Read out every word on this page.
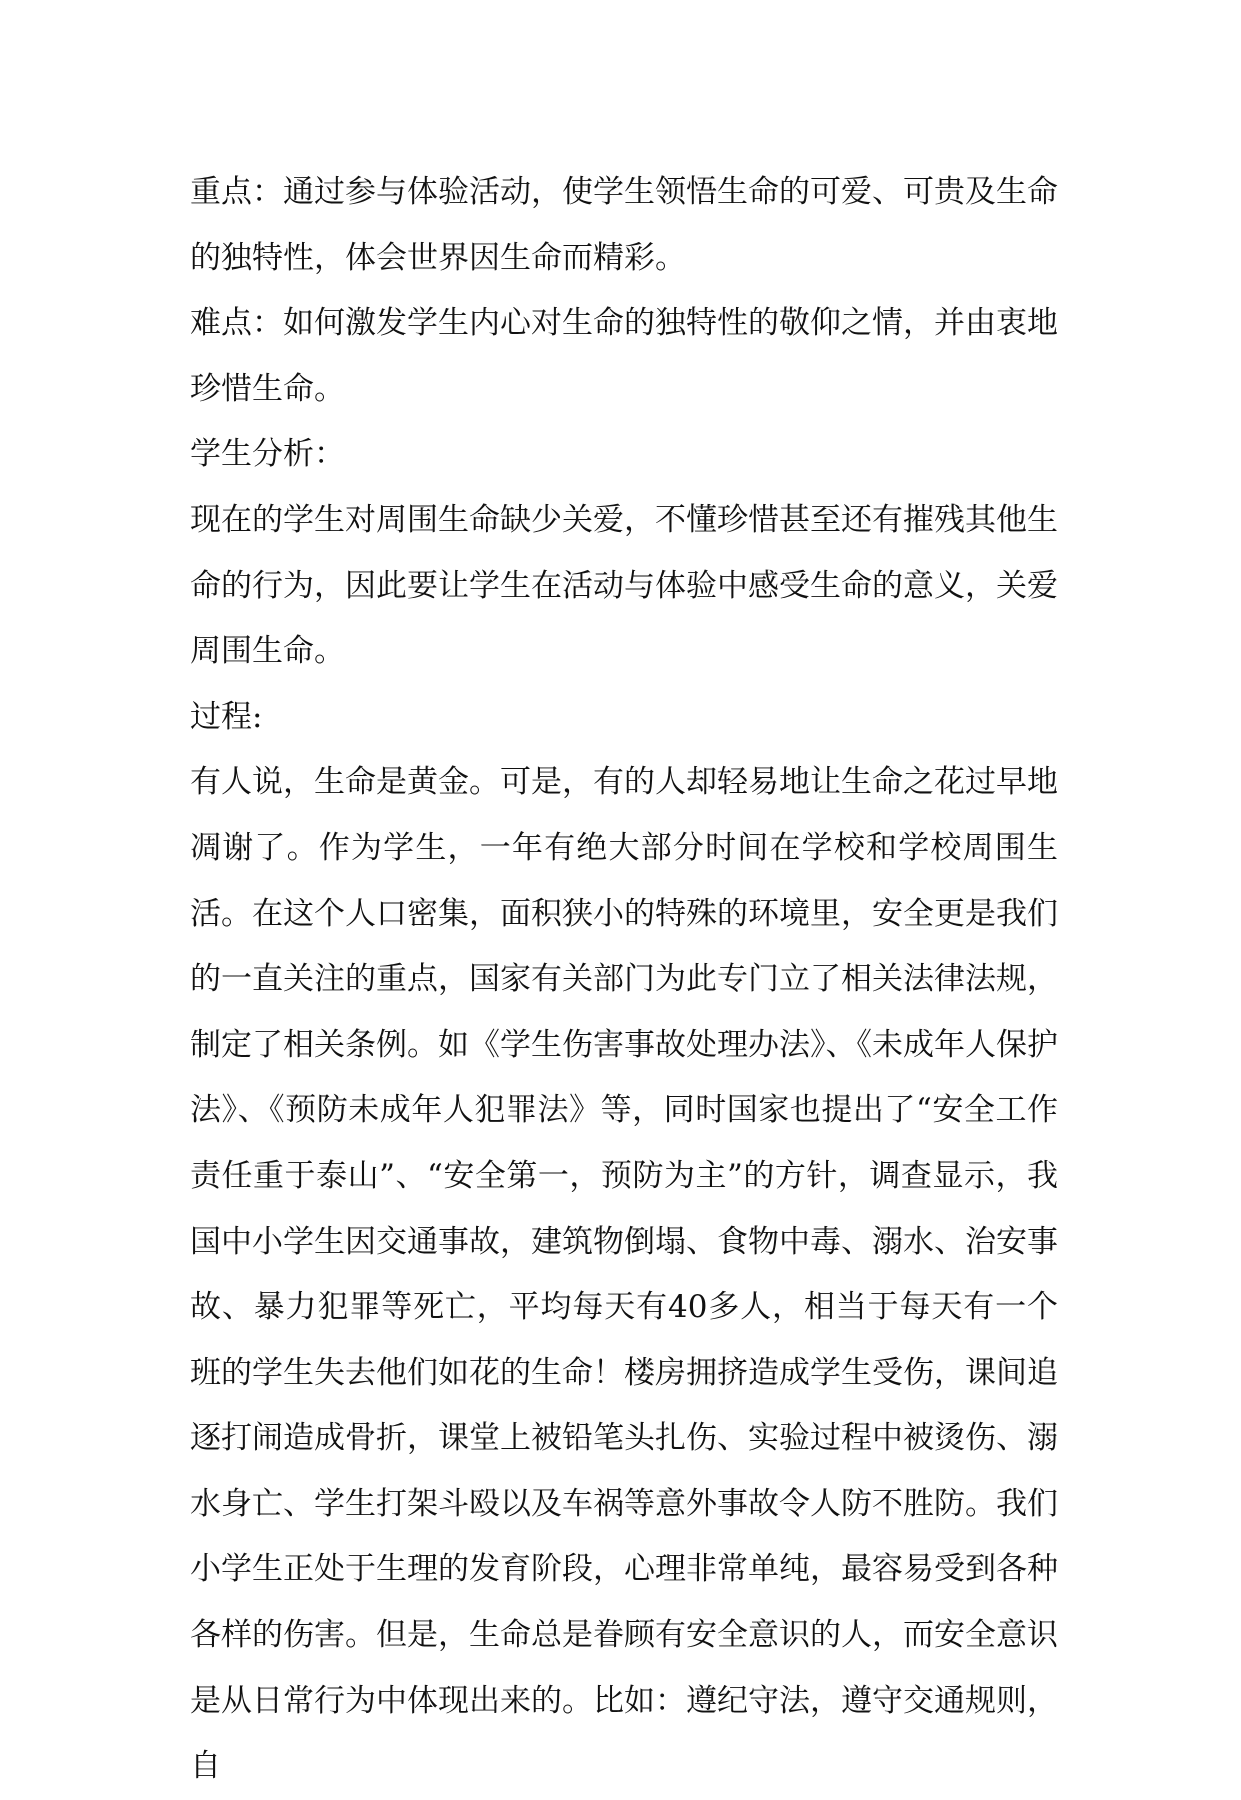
重点：通过参与体验活动，使学生领悟生命的可爱、可贵及生命的独特性，体会世界因生命而精彩。

难点：如何激发学生内心对生命的独特性的敬仰之情，并由衷地珍惜生命。

学生分析：

现在的学生对周围生命缺少关爱，不懂珍惜甚至还有摧残其他生命的行为，因此要让学生在活动与体验中感受生命的意义，关爱周围生命。

过程:

有人说，生命是黄金。可是，有的人却轻易地让生命之花过早地凋谢了。作为学生，一年有绝大部分时间在学校和学校周围生活。在这个人口密集，面积狭小的特殊的环境里，安全更是我们的一直关注的重点，国家有关部门为此专门立了相关法律法规，制定了相关条例。如《学生伤害事故处理办法》、《未成年人保护法》、《预防未成年人犯罪法》等，同时国家也提出了“安全工作责任重于泰山”、“安全第一，预防为主”的方针，调查显示，我国中小学生因交通事故，建筑物倒塌、食物中毒、溺水、治安事故、暴力犯罪等死亡，平均每天有40多人，相当于每天有一个班的学生失去他们如花的生命！楼房拥挤造成学生受伤，课间追逐打闹造成骨折，课堂上被铅笔头扎伤、实验过程中被烫伤、溺水身亡、学生打架斗殴以及车祸等意外事故令人防不胜防。我们小学生正处于生理的发育阶段，心理非常单纯，最容易受到各种各样的伤害。但是，生命总是眷顾有安全意识的人，而安全意识是从日常行为中体现出来的。比如：遵纪守法，遵守交通规则，自
